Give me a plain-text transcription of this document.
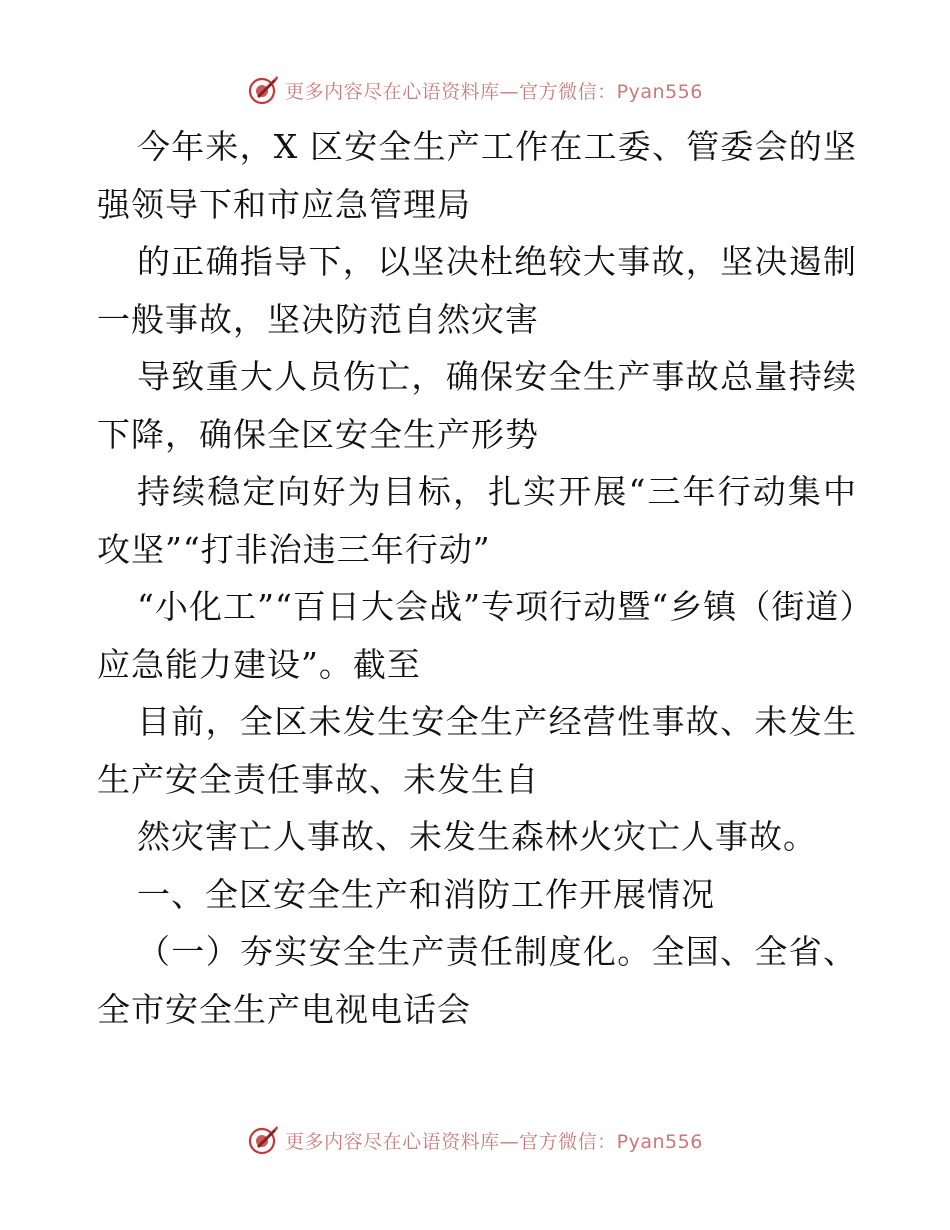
更多内容尽在心语资料库—官方微信：Pyan556

今年来，X 区安全生产工作在工委、管委会的坚强领导下和市应急管理局

的正确指导下，以坚决杜绝较大事故，坚决遏制一般事故，坚决防范自然灾害

导致重大人员伤亡，确保安全生产事故总量持续下降，确保全区安全生产形势

持续稳定向好为目标，扎实开展“三年行动集中攻坚”“打非治违三年行动”

“小化工”“百日大会战”专项行动暨“乡镇（街道）应急能力建设”。截至

目前，全区未发生安全生产经营性事故、未发生生产安全责任事故、未发生自

然灾害亡人事故、未发生森林火灾亡人事故。

一、全区安全生产和消防工作开展情况

（一）夯实安全生产责任制度化。全国、全省、全市安全生产电视电话会

更多内容尽在心语资料库—官方微信：Pyan556
